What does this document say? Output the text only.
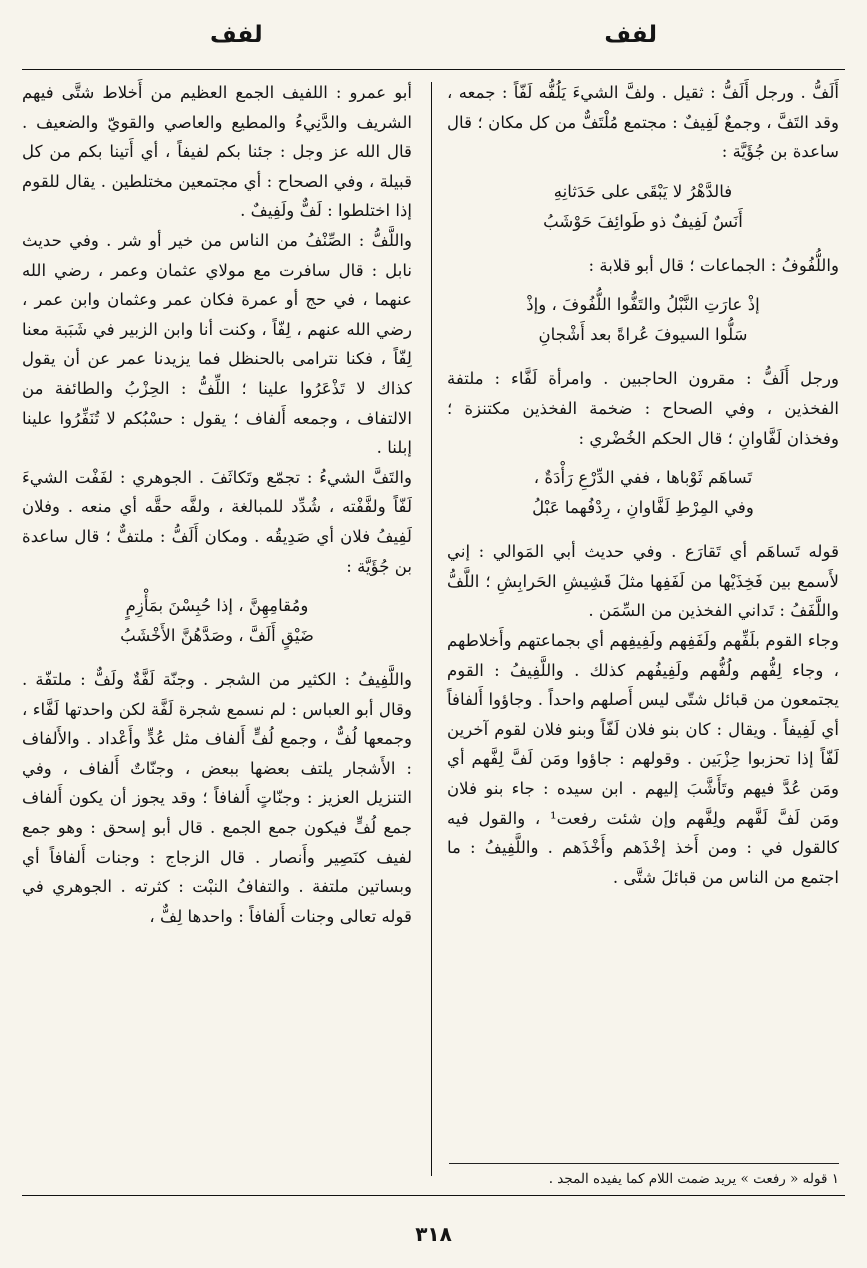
لفف
لفف

أَلَفُّ . ورجل أَلَفُّ : ثقيل . ولفَّ الشيءَ يَلُفُّه لَفّاً : جمعه ، وقد التَفَّ ، وجمعٌ لَفِيفٌ : مجتمع مُلْتَفٌّ من كل مكان ؛ قال ساعدة بن جُؤَيَّة :

فالدَّهْرُ لا يَبْقَى على حَدَثانِهِ
أَنَسٌ لَفِيفٌ ذو طَوائِفَ حَوْشَبُ

واللُّفُوفُ : الجماعات ؛ قال أبو قلابة :

إذْ عارَتِ النَّبْلُ والتَفُّوا اللُّفُوفَ ، وإذْ
سَلُّوا السيوفَ عُراةً بعد أَشْجانِ

ورجل أَلَفُّ : مقرون الحاجبين . وامرأة لَفَّاء : ملتفة الفخذين ، وفي الصحاح : ضخمة الفخذين مكتنزة ؛ وفخذان لَفَّاوانِ ؛ قال الحكم الخُضْري :

تَساهَم ثَوْباها ، ففي الدِّرْعِ رَأْدَةٌ ،
وفي المِرْطِ لَفَّاوانِ ، رِدْفُهما عَبْلُ

قوله تَساهَم أي تَقارَع . وفي حديث أبي المَوالي : إني لأَسمع بين فَخِذَيْها من لَفَفِها مثلَ قَشِيشِ الحَرابِشِ ؛ اللَّفُّ واللَّفَفُ : تَداني الفخذين من السِّمَن .

وجاء القوم بلَفِّهم ولَفَفِهم ولَفِيفِهم أي بجماعتهم وأَخلاطهم ، وجاء لِفُّهم ولُفُّهم ولَفِيفُهم كذلك . واللَّفِيفُ : القوم يجتمعون من قبائل شتّى ليس أَصلهم واحداً . وجاؤوا أَلفافاً أي لَفِيفاً . ويقال : كان بنو فلان لَفّاً وبنو فلان لقوم آخرين لَفّاً إذا تحزبوا حِزْبَين . وقولهم : جاؤوا ومَن لَفَّ لِفَّهم أي ومَن عُدَّ فيهم وتَأَشَّبَ إليهم . ابن سيده : جاء بنو فلان ومَن لَفَّ لَفَّهم ولِفَّهم وإن شئت رفعت¹ ، والقول فيه كالقول في : ومن أَخذ إخْذَهم وأَخْذَهم . واللَّفِيفُ : ما اجتمع من الناس من قبائلَ شتَّى .

أبو عمرو : اللفيف الجمع العظيم من أَخلاط شتَّى فيهم الشريف والدَّنِيءُ والمطيع والعاصي والقويّ والضعيف . قال الله عز وجل : جئنا بكم لفيفاً ، أي أَتينا بكم من كل قبيلة ، وفي الصحاح : أي مجتمعين مختلطين . يقال للقوم إذا اختلطوا : لَفٌّ ولَفِيفٌ .

واللَّفُّ : الصِّنْفُ من الناس من خير أو شر . وفي حديث نابل : قال سافرت مع مولاي عثمان وعمر ، رضي الله عنهما ، في حج أو عمرة فكان عمر وعثمان وابن عمر ، رضي الله عنهم ، لِفّاً ، وكنت أنا وابن الزبير في شَبَبة معنا لِفّاً ، فكنا نترامى بالحنظل فما يزيدنا عمر عن أن يقول كذاك لا تَذْعَرُوا علينا ؛ اللِّفُّ : الحِزْبُ والطائفة من الالتفاف ، وجمعه أَلفاف ؛ يقول : حسْبُكم لا تُنَفِّرُوا علينا إبلنا .

والتَفَّ الشيءُ : تجمّع وتَكاثَفَ . الجوهري : لفَفْت الشيءَ لَفّاً ولفَّفْته ، شُدِّد للمبالغة ، ولفَّه حقَّه أي منعه . وفلان لَفِيفُ فلان أي صَدِيقُه . ومكان أَلَفُّ : ملتفٌّ ؛ قال ساعدة بن جُؤَيَّة :

ومُقامِهِنَّ ، إذا حُبِسْنَ بمَأْزِمٍ
ضَيْقٍ أَلَفَّ ، وصَدَّهُنَّ الأَخْشَبُ

واللَّفِيفُ : الكثير من الشجر . وجنّة لَفَّةٌ ولَفٌّ : ملتفّة . وقال أبو العباس : لم نسمع شجرة لَفَّة لكن واحدتها لَفَّاء ، وجمعها لُفٌّ ، وجمع لُفٍّ أَلفاف مثل عُدٍّ وأَعْداد . والأَلفاف : الأَشجار يلتف بعضها ببعض ، وجنّاتٌ أَلفاف ، وفي التنزيل العزيز : وجنّاتٍ أَلفافاً ؛ وقد يجوز أن يكون أَلفاف جمع لُفٍّ فيكون جمع الجمع . قال أبو إسحق : وهو جمع لفيف كنَصِير وأَنصار . قال الزجاج : وجنات أَلفافاً أي وبساتين ملتفة . والتفافُ النبْت : كثرته . الجوهري في قوله تعالى وجنات أَلفافاً : واحدها لِفٌّ ،

١ قوله « رفعت » يريد ضمت اللام كما يفيده المجد .
٣١٨
